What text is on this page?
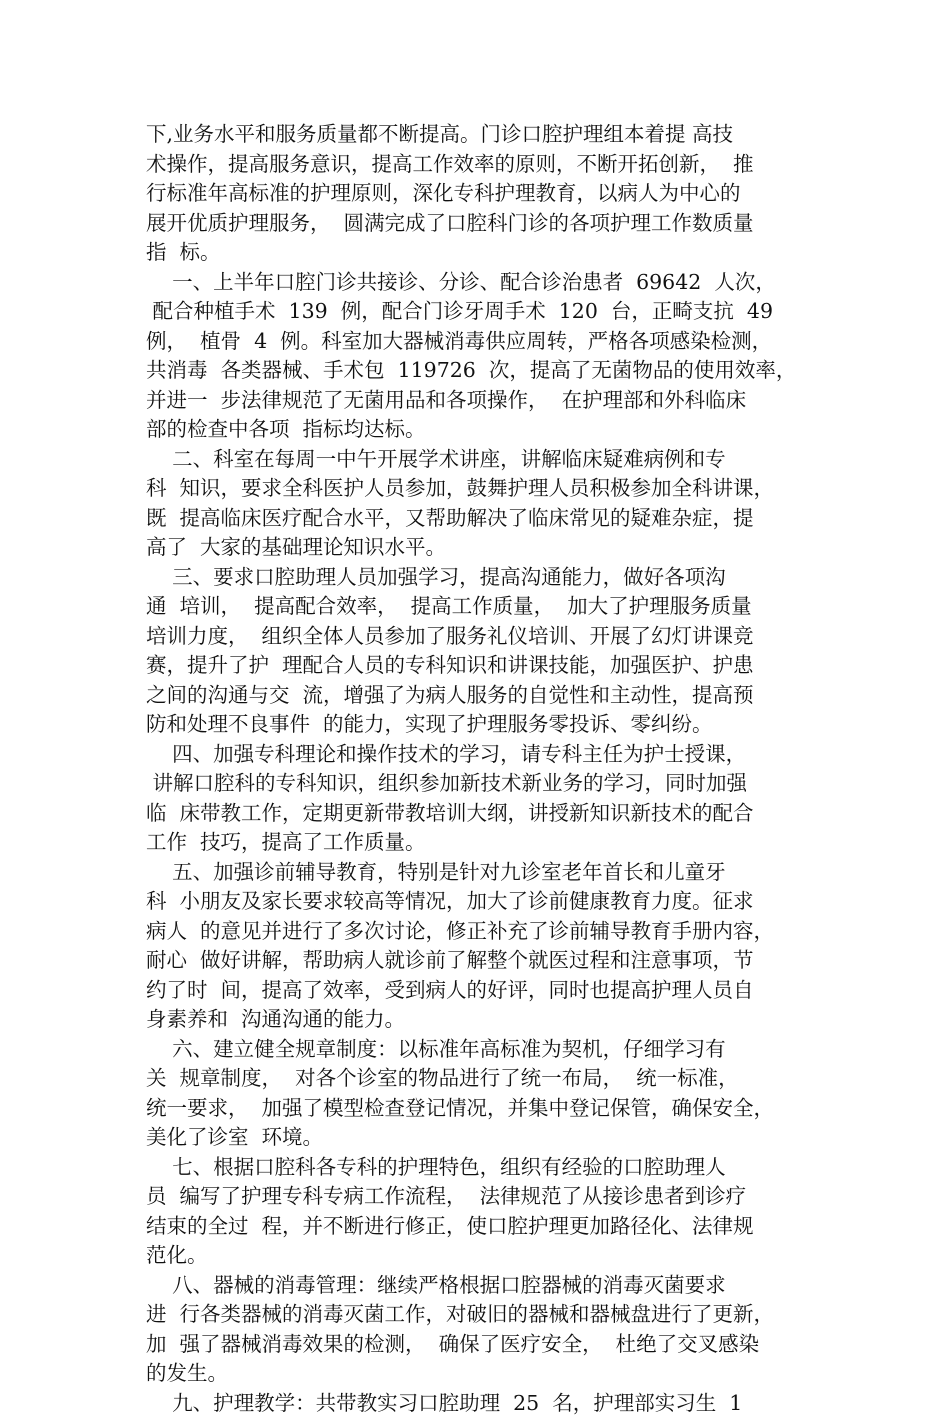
下,业务水平和服务质量都不断提高。门诊口腔护理组本着提 高技
术操作，提高服务意识，提高工作效率的原则，不断开拓创新，  推
行标准年高标准的护理原则，深化专科护理教育，以病人为中心的
展开优质护理服务，  圆满完成了口腔科门诊的各项护理工作数质量
指  标。
一、上半年口腔门诊共接诊、分诊、配合诊治患者  69642  人次，
配合种植手术  139  例，配合门诊牙周手术  120  台，正畸支抗  49
例，  植骨  4  例。科室加大器械消毒供应周转，严格各项感染检测，
共消毒  各类器械、手术包  119726  次，提高了无菌物品的使用效率，
并进一  步法律规范了无菌用品和各项操作，  在护理部和外科临床
部的检查中各项  指标均达标。
二、科室在每周一中午开展学术讲座，讲解临床疑难病例和专
科  知识，要求全科医护人员参加，鼓舞护理人员积极参加全科讲课，
既  提高临床医疗配合水平，又帮助解决了临床常见的疑难杂症，提
高了  大家的基础理论知识水平。
三、要求口腔助理人员加强学习，提高沟通能力，做好各项沟
通  培训，  提高配合效率，  提高工作质量，  加大了护理服务质量
培训力度，  组织全体人员参加了服务礼仪培训、开展了幻灯讲课竞
赛，提升了护  理配合人员的专科知识和讲课技能，加强医护、护患
之间的沟通与交  流，增强了为病人服务的自觉性和主动性，提高预
防和处理不良事件  的能力，实现了护理服务零投诉、零纠纷。
四、加强专科理论和操作技术的学习，请专科主任为护士授课，
讲解口腔科的专科知识，组织参加新技术新业务的学习，同时加强
临  床带教工作，定期更新带教培训大纲，讲授新知识新技术的配合
工作  技巧，提高了工作质量。
五、加强诊前辅导教育，特别是针对九诊室老年首长和儿童牙
科  小朋友及家长要求较高等情况，加大了诊前健康教育力度。征求
病人  的意见并进行了多次讨论，修正补充了诊前辅导教育手册内容，
耐心  做好讲解，帮助病人就诊前了解整个就医过程和注意事项，节
约了时  间，提高了效率，受到病人的好评，同时也提高护理人员自
身素养和  沟通沟通的能力。
六、建立健全规章制度：以标准年高标准为契机，仔细学习有
关  规章制度，  对各个诊室的物品进行了统一布局，  统一标准，
统一要求，  加强了模型检查登记情况，并集中登记保管，确保安全，
美化了诊室  环境。
七、根据口腔科各专科的护理特色，组织有经验的口腔助理人
员  编写了护理专科专病工作流程，  法律规范了从接诊患者到诊疗
结束的全过  程，并不断进行修正，使口腔护理更加路径化、法律规
范化。
八、器械的消毒管理：继续严格根据口腔器械的消毒灭菌要求
进  行各类器械的消毒灭菌工作，对破旧的器械和器械盘进行了更新，
加  强了器械消毒效果的检测，  确保了医疗安全，  杜绝了交叉感染
的发生。
九、护理教学：共带教实习口腔助理  25  名，护理部实习生  1
